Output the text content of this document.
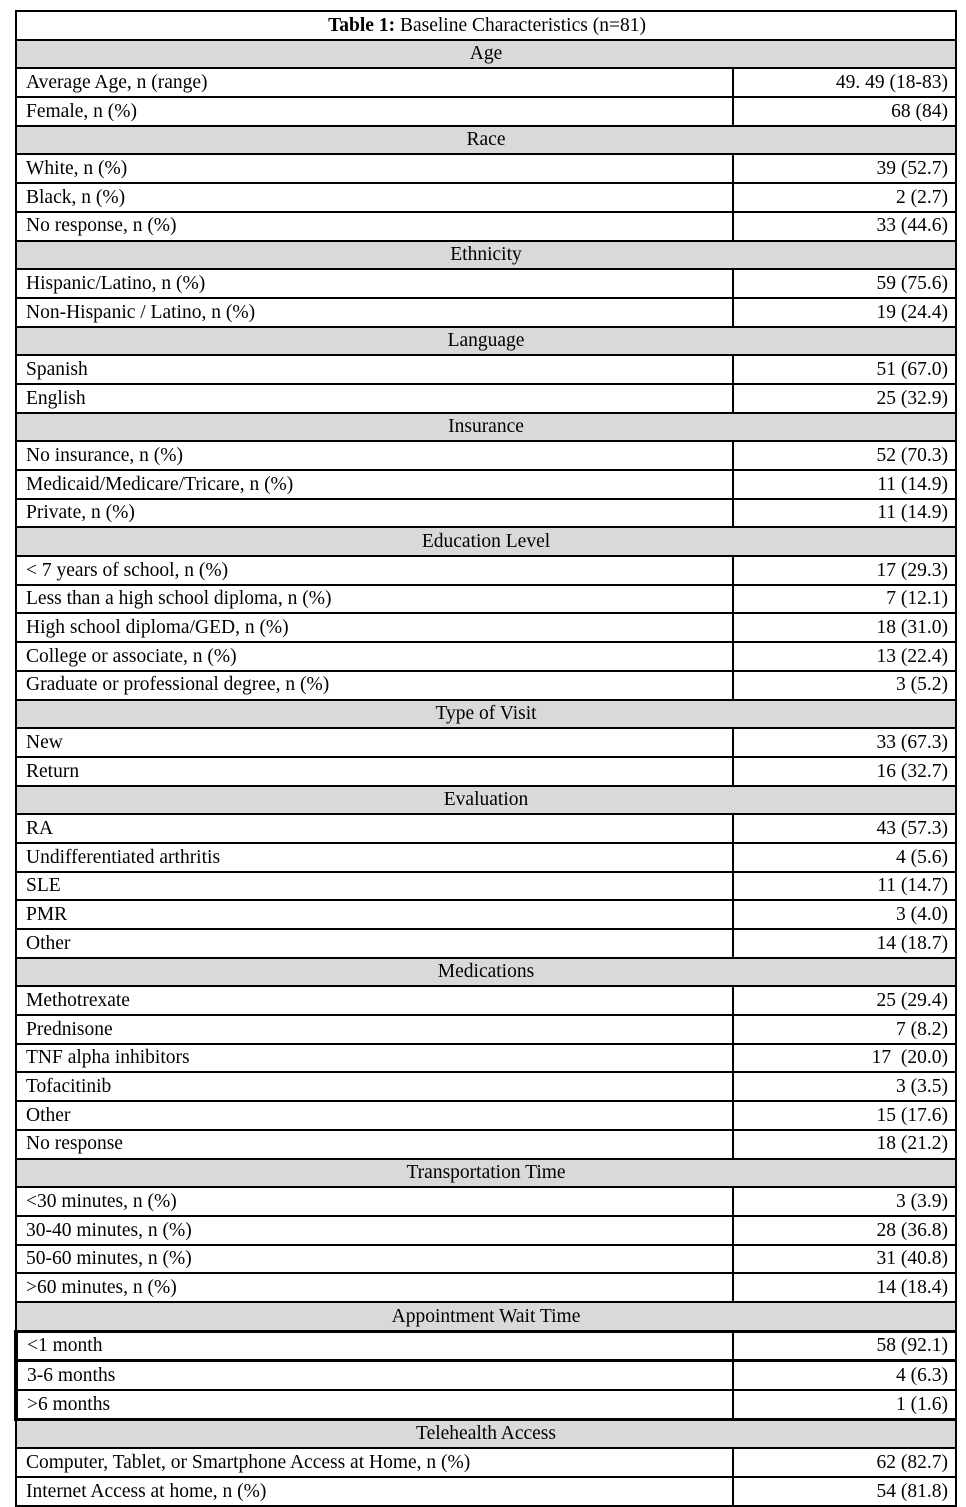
Table 1: Baseline Characteristics (n=81)	
Age	
Average Age, n (range)	49. 49 (18-83)
Female, n (%)	68 (84)
Race	
White, n (%)	39 (52.7)
Black, n (%)	2 (2.7)
No response, n (%)	33 (44.6)
Ethnicity	
Hispanic/Latino, n (%)	59 (75.6)
Non-Hispanic / Latino, n (%)	19 (24.4)
Language	
Spanish	51 (67.0)
English	25 (32.9)
Insurance	
No insurance, n (%)	52 (70.3)
Medicaid/Medicare/Tricare, n (%)	11 (14.9)
Private, n (%)	11 (14.9)
Education Level	
< 7 years of school, n (%)	17 (29.3)
Less than a high school diploma, n (%)	7 (12.1)
High school diploma/GED, n (%)	18 (31.0)
College or associate, n (%)	13 (22.4)
Graduate or professional degree, n (%)	3 (5.2)
Type of Visit	
New	33 (67.3)
Return	16 (32.7)
Evaluation	
RA	43 (57.3)
Undifferentiated arthritis	4 (5.6)
SLE	11 (14.7)
PMR	3 (4.0)
Other	14 (18.7)
Medications	
Methotrexate	25 (29.4)
Prednisone	7 (8.2)
TNF alpha inhibitors	17  (20.0)
Tofacitinib	3 (3.5)
Other	15 (17.6)
No response	18 (21.2)
Transportation Time	
<30 minutes, n (%)	3 (3.9)
30-40 minutes, n (%)	28 (36.8)
50-60 minutes, n (%)	31 (40.8)
>60 minutes, n (%)	14 (18.4)
Appointment Wait Time	
<1 month	58 (92.1)
3-6 months	4 (6.3)
>6 months	1 (1.6)
Telehealth Access	
Computer, Tablet, or Smartphone Access at Home, n (%)	62 (82.7)
Internet Access at home, n (%)	54 (81.8)
